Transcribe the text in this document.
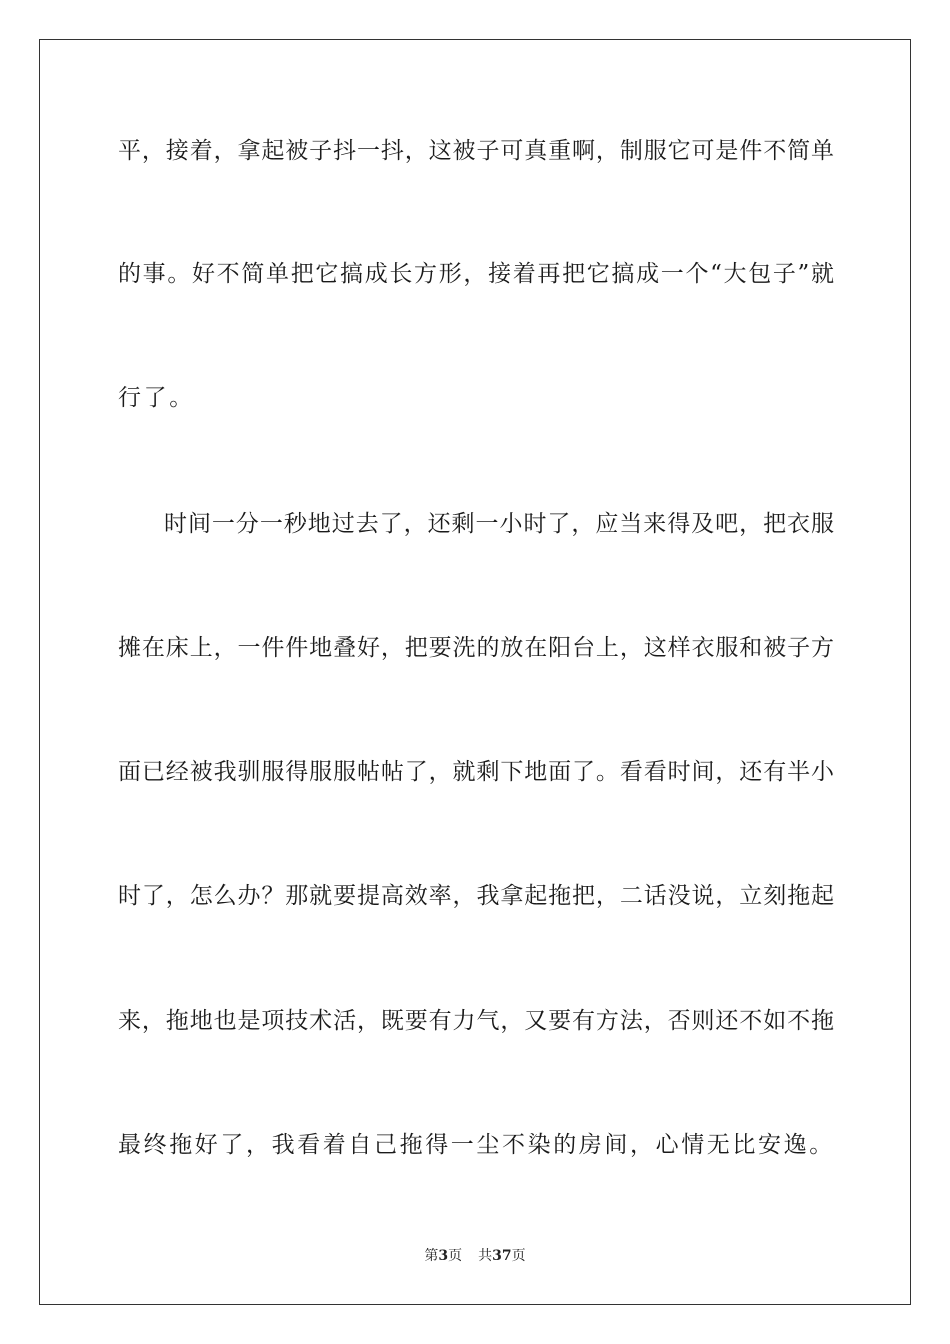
平，接着，拿起被子抖一抖，这被子可真重啊，制服它可是件不简单
的事。好不简单把它搞成长方形，接着再把它搞成一个“大包子”就
行了。
时间一分一秒地过去了，还剩一小时了，应当来得及吧，把衣服
摊在床上，一件件地叠好，把要洗的放在阳台上，这样衣服和被子方
面已经被我驯服得服服帖帖了，就剩下地面了。看看时间，还有半小
时了，怎么办？那就要提高效率，我拿起拖把，二话没说，立刻拖起
来，拖地也是项技术活，既要有力气，又要有方法，否则还不如不拖
最终拖好了，我看着自己拖得一尘不染的房间，心情无比安逸。
第3页 共37页
